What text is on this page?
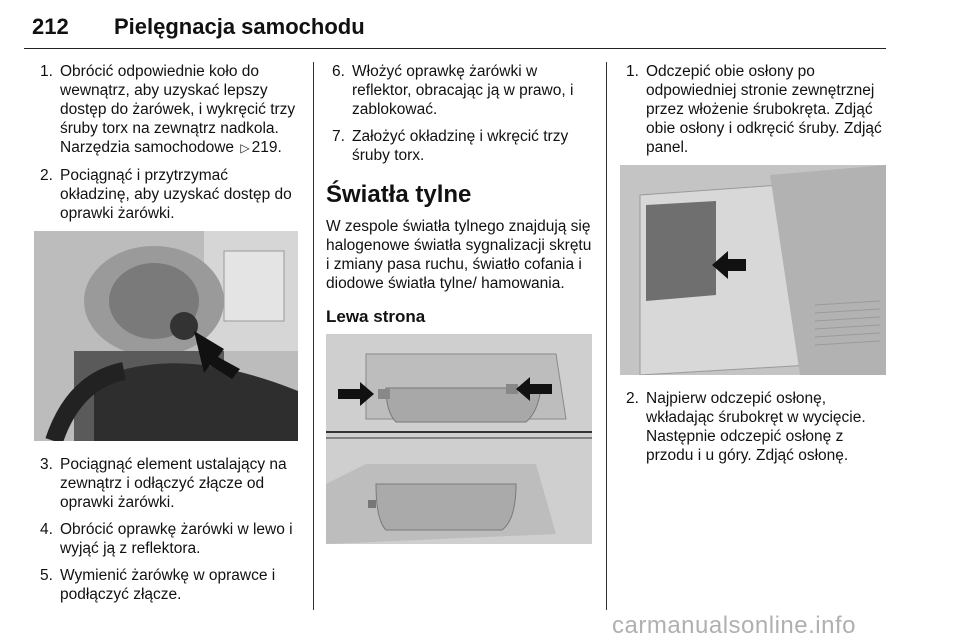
212 Pielęgnacja samochodu
1. Obrócić odpowiednie koło do wewnątrz, aby uzyskać lepszy dostęp do żarówek, i wykręcić trzy śruby torx na zewnątrz nadkola. Narzędzia samochodowe ▷ 219.
2. Pociągnąć i przytrzymać okładzinę, aby uzyskać dostęp do oprawki żarówki.
3. Pociągnąć element ustalający na zewnątrz i odłączyć złącze od oprawki żarówki.
4. Obrócić oprawkę żarówki w lewo i wyjąć ją z reflektora.
5. Wymienić żarówkę w oprawce i podłączyć złącze.
6. Włożyć oprawkę żarówki w reflektor, obracając ją w prawo, i zablokować.
7. Założyć okładzinę i wkręcić trzy śruby torx.
Światła tylne
W zespole światła tylnego znajdują się halogenowe światła sygnalizacji skrętu i zmiany pasa ruchu, światło cofania i diodowe światła tylne/ hamowania.
Lewa strona
1. Odczepić obie osłony po odpowiedniej stronie zewnętrznej przez włożenie śrubokręta. Zdjąć obie osłony i odkręcić śruby. Zdjąć panel.
2. Najpierw odczepić osłonę, wkładając śrubokręt w wycięcie. Następnie odczepić osłonę z przodu i u góry. Zdjąć osłonę.
carmanualsonline.info
